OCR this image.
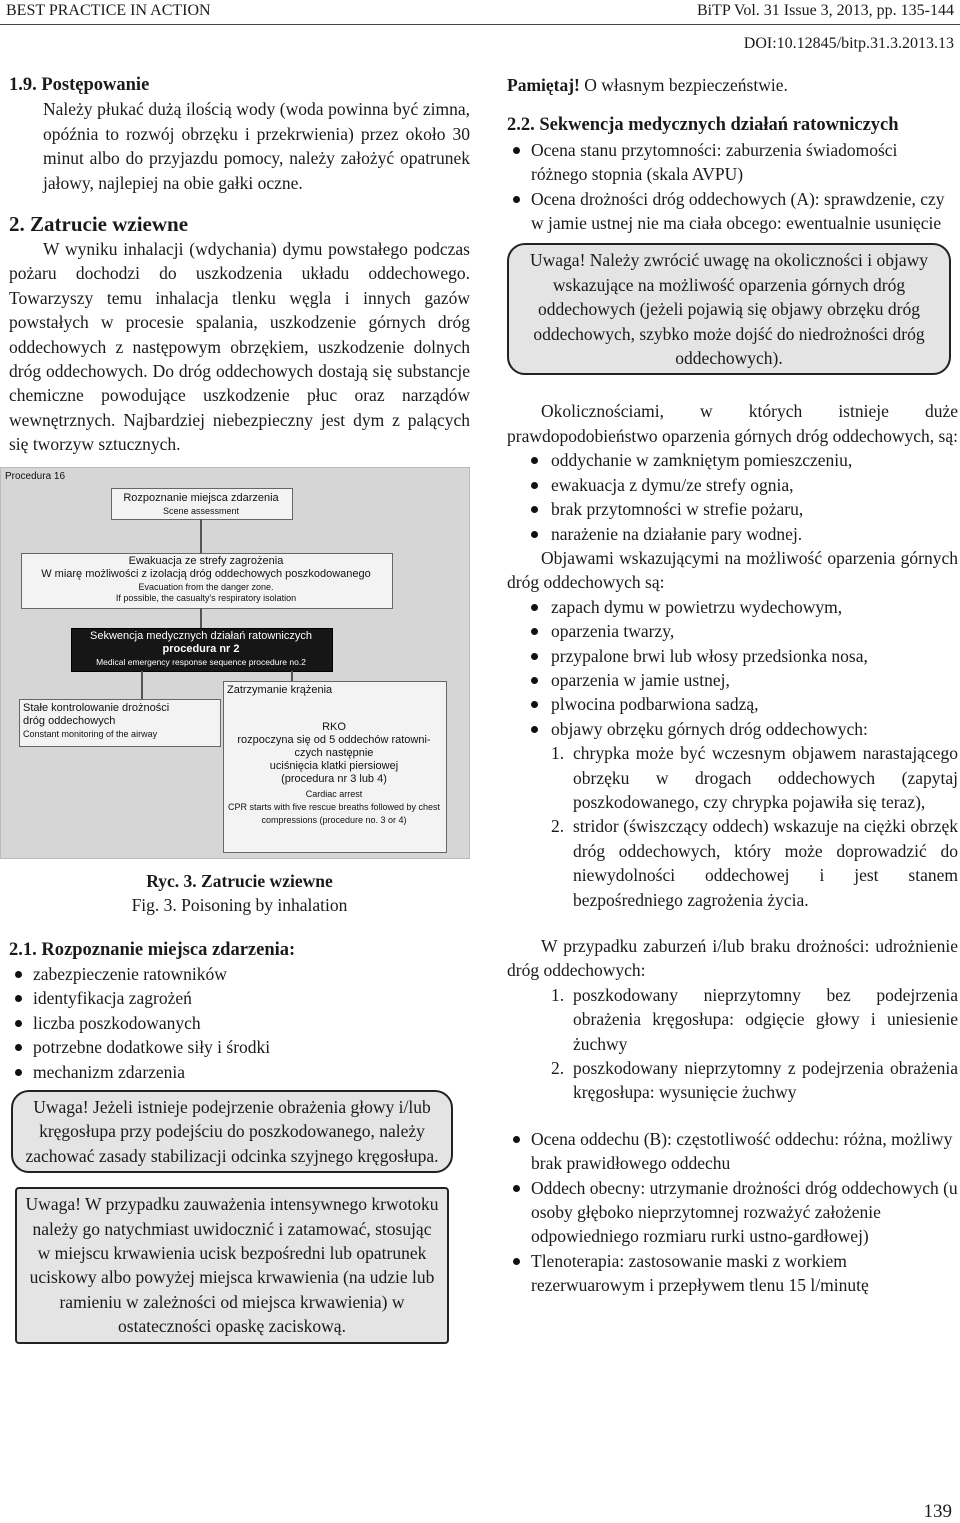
BEST PRACTICE IN ACTION	BiTP Vol. 31 Issue 3, 2013, pp. 135-144
DOI:10.12845/bitp.31.3.2013.13
1.9. Postępowanie

Należy płukać dużą ilością wody (woda powinna być zimna, opóźnia to rozwój obrzęku i przekrwienia) przez około 30 minut albo do przyjazdu pomocy, należy założyć opatrunek jałowy, najlepiej na obie gałki oczne.

2. Zatrucie wziewne

W wyniku inhalacji (wdychania) dymu powstałego podczas pożaru dochodzi do uszkodzenia układu oddechowego. Towarzyszy temu inhalacja tlenku węgla i innych gazów powstałych w procesie spalania, uszkodzenie górnych dróg oddechowych z następowym obrzękiem, uszkodzenie dolnych dróg oddechowych. Do dróg oddechowych dostają się substancje chemiczne powodujące uszkodzenie płuc oraz narządów wewnętrznych. Najbardziej niebezpieczny jest dym z palących się tworzyw sztucznych.

Procedura 16
Rozpoznanie miejsca zdarzenia
Scene assessment
Ewakuacja ze strefy zagrożenia
W miarę możliwości z izolacją dróg oddechowych poszkodowanego
Evacuation from the danger zone.
If possible, the casualty's respiratory isolation
Sekwencja medycznych działań ratowniczych
procedura nr 2
Medical emergency response sequence procedure no.2
Stałe kontrolowanie drożności
dróg oddechowych
Constant monitoring of the airway
Zatrzymanie krążenia
RKO
rozpoczyna się od 5 oddechów ratowni-
czych następnie
uciśnięcia klatki piersiowej
(procedura nr 3 lub 4)
Cardiac arrest
CPR starts with five rescue breaths followed by chest
compressions (procedure no. 3 or 4)
Ryc. 3. Zatrucie wziewne
Fig. 3. Poisoning by inhalation
2.1. Rozpoznanie miejsca zdarzenia:
zabezpieczenie ratowników
identyfikacja zagrożeń
liczba poszkodowanych
potrzebne dodatkowe siły i środki
mechanizm zdarzenia
Uwaga! Jeżeli istnieje podejrzenie obrażenia głowy i/lub kręgosłupa przy podejściu do poszkodowanego, należy zachować zasady stabilizacji odcinka szyjnego kręgosłupa.
Uwaga! W przypadku zauważenia intensywnego krwotoku należy go natychmiast uwidocznić i zatamować, stosując w miejscu krwawienia ucisk bezpośredni lub opatrunek uciskowy albo powyżej miejsca krwawienia (na udzie lub ramieniu w zależności od miejsca krwawienia) w ostateczności opaskę zaciskową.

Pamiętaj! O własnym bezpieczeństwie.

2.2. Sekwencja medycznych działań ratowniczych
Ocena stanu przytomności: zaburzenia świadomości różnego stopnia (skala AVPU)
Ocena drożności dróg oddechowych (A): sprawdzenie, czy w jamie ustnej nie ma ciała obcego: ewentualnie usunięcie
Uwaga! Należy zwrócić uwagę na okoliczności i objawy wskazujące na możliwość oparzenia górnych dróg oddechowych (jeżeli pojawią się objawy obrzęku dróg oddechowych, szybko może dojść do niedrożności dróg oddechowych).

Okolicznościami, w których istnieje duże prawdopodobieństwo oparzenia górnych dróg oddechowych, są:

oddychanie w zamkniętym pomieszczeniu,
ewakuacja z dymu/ze strefy ognia,
brak przytomności w strefie pożaru,
narażenie na działanie pary wodnej.

Objawami wskazującymi na możliwość oparzenia górnych dróg oddechowych są:

zapach dymu w powietrzu wydechowym,
oparzenia twarzy,
przypalone brwi lub włosy przedsionka nosa,
oparzenia w jamie ustnej,
plwocina podbarwiona sadzą,
objawy obrzęku górnych dróg oddechowych:
1. chrypka może być wczesnym objawem narastającego obrzęku w drogach oddechowych (zapytaj poszkodowanego, czy chrypka pojawiła się teraz),
2. stridor (świszczący oddech) wskazuje na ciężki obrzęk dróg oddechowych, który może doprowadzić do niewydolności oddechowej i jest stanem bezpośredniego zagrożenia życia.

W przypadku zaburzeń i/lub braku drożności: udrożnienie dróg oddechowych:

1. poszkodowany nieprzytomny bez podejrzenia obrażenia kręgosłupa: odgięcie głowy i uniesienie żuchwy
2. poszkodowany nieprzytomny z podejrzenia obrażenia kręgosłupa: wysunięcie żuchwy
Ocena oddechu (B): częstotliwość oddechu: różna, możliwy brak prawidłowego oddechu
Oddech obecny: utrzymanie drożności dróg oddechowych (u osoby głęboko nieprzytomnej rozważyć założenie odpowiedniego rozmiaru rurki ustno-gardłowej)
Tlenoterapia: zastosowanie maski z workiem rezerwuarowym i przepływem tlenu 15 l/minutę
139
